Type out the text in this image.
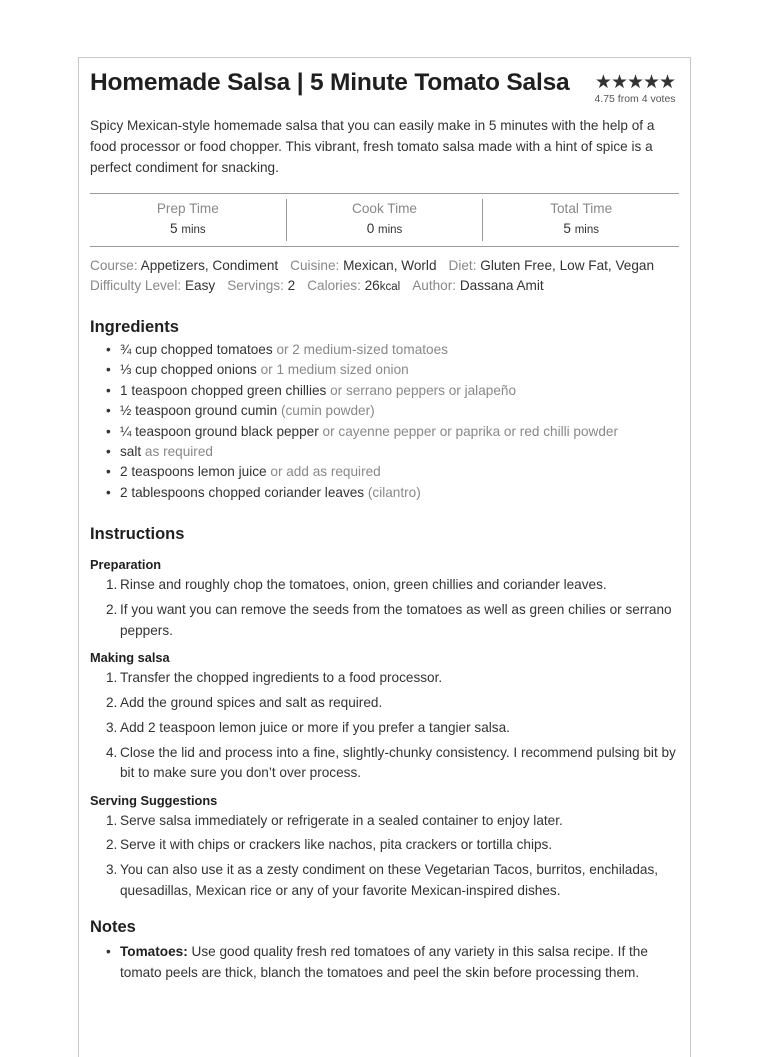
Homemade Salsa | 5 Minute Tomato Salsa	★★★★★
4.75 from 4 votes

Spicy Mexican-style homemade salsa that you can easily make in 5 minutes with the help of a food processor or food chopper. This vibrant, fresh tomato salsa made with a hint of spice is a perfect condiment for snacking.

Prep Time
5 mins
Cook Time
0 mins
Total Time
5 mins
Course: Appetizers, Condiment Cuisine: Mexican, World Diet: Gluten Free, Low Fat, Vegan
Difficulty Level: Easy Servings: 2 Calories: 26kcal Author: Dassana Amit
Ingredients
• ¾ cup chopped tomatoes or 2 medium-sized tomatoes
• ⅓ cup chopped onions or 1 medium sized onion
• 1 teaspoon chopped green chillies or serrano peppers or jalapeño
• ½ teaspoon ground cumin (cumin powder)
• ¼ teaspoon ground black pepper or cayenne pepper or paprika or red chilli powder
• salt as required
• 2 teaspoons lemon juice or add as required
• 2 tablespoons chopped coriander leaves (cilantro)
Instructions
Preparation
1. Rinse and roughly chop the tomatoes, onion, green chillies and coriander leaves.
2. If you want you can remove the seeds from the tomatoes as well as green chilies or serrano peppers.
Making salsa
1. Transfer the chopped ingredients to a food processor.
2. Add the ground spices and salt as required.
3. Add 2 teaspoon lemon juice or more if you prefer a tangier salsa.
4. Close the lid and process into a fine, slightly-chunky consistency. I recommend pulsing bit by bit to make sure you don’t over process.
Serving Suggestions
1. Serve salsa immediately or refrigerate in a sealed container to enjoy later.
2. Serve it with chips or crackers like nachos, pita crackers or tortilla chips.
3. You can also use it as a zesty condiment on these Vegetarian Tacos, burritos, enchiladas, quesadillas, Mexican rice or any of your favorite Mexican-inspired dishes.
Notes
• Tomatoes: Use good quality fresh red tomatoes of any variety in this salsa recipe. If the tomato peels are thick, blanch the tomatoes and peel the skin before processing them.
